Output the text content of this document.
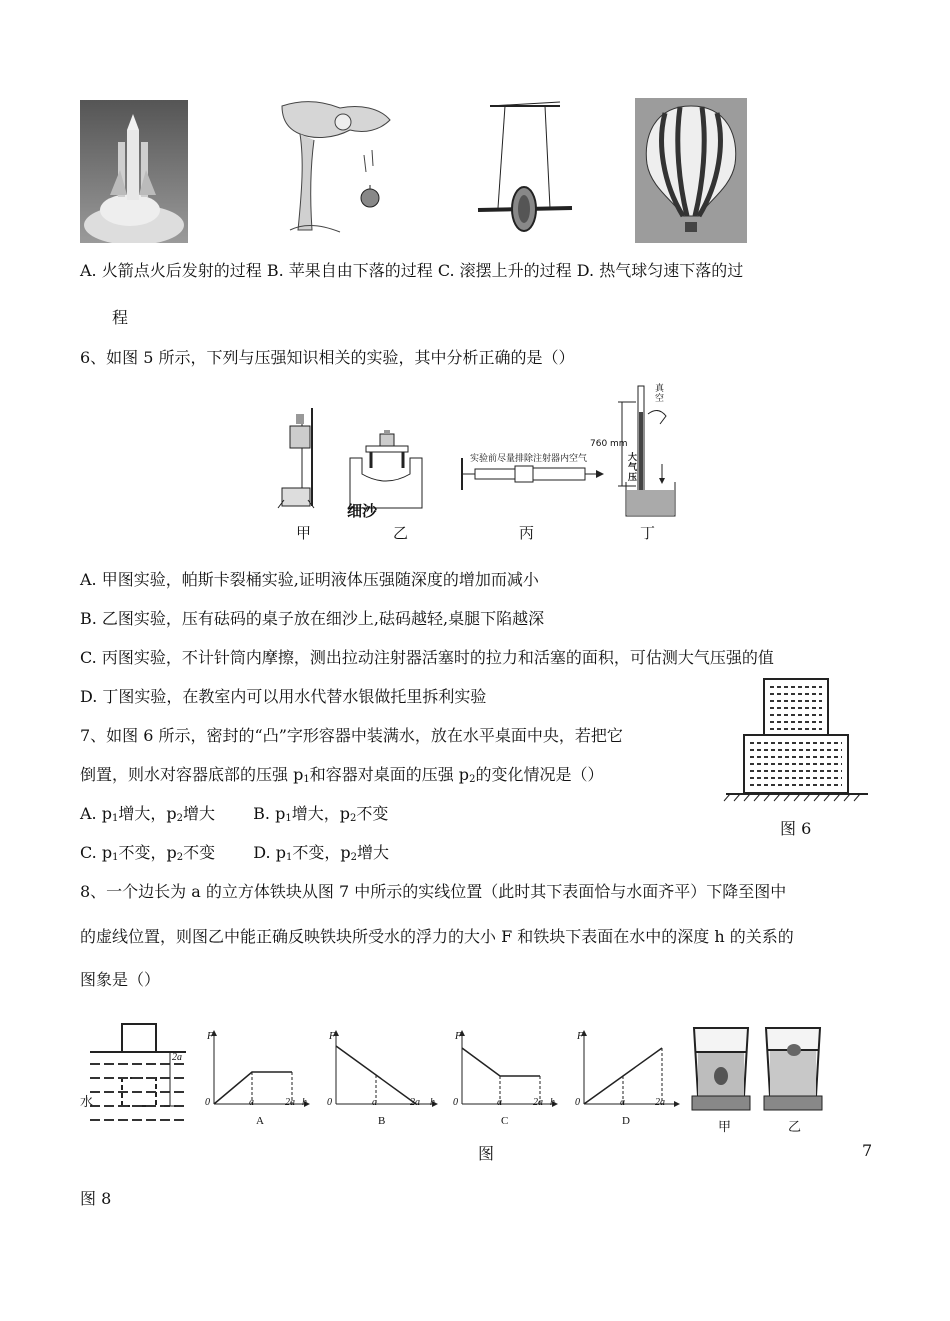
A. 火箭点火后发射的过程 B. 苹果自由下落的过程 C. 滚摆上升的过程 D. 热气球匀速下落的过
程
6、如图 5 所示，下列与压强知识相关的实验，其中分析正确的是（）
细沙
实验前尽量排除注射器内空气
真空
760 mm
大气压
甲	乙	丙	丁
A. 甲图实验，帕斯卡裂桶实验,证明液体压强随深度的增加而减小
B. 乙图实验，压有砝码的桌子放在细沙上,砝码越轻,桌腿下陷越深
C. 丙图实验，不计针筒内摩擦，测出拉动注射器活塞时的拉力和活塞的面积，可估测大气压强的值
D. 丁图实验，在教室内可以用水代替水银做托里拆利实验
7、如图 6 所示，密封的“凸”字形容器中装满水，放在水平桌面中央，若把它
倒置，则水对容器底部的压强 $p_1$和容器对桌面的压强 $p_2$的变化情况是（）
A. $p_1$增大，$p_2$增大 B. $p_1$增大，$p_2$不变
C. $p_1$不变，$p_2$不变 D. $p_1$不变，$p_2$增大
图 6
8、一个边长为 a 的立方体铁块从图 7 中所示的实线位置（此时其下表面恰与水面齐平）下降至图中
的虚线位置，则图乙中能正确反映铁块所受水的浮力的大小 F 和铁块下表面在水中的深度 h 的关系的
图象是（）
2a
水
F
0	a	2a h
A
F
0	a	2a h
B
F
0	a	2a h
C
F
0	a	2a
D	甲	乙
图	7
图 8
